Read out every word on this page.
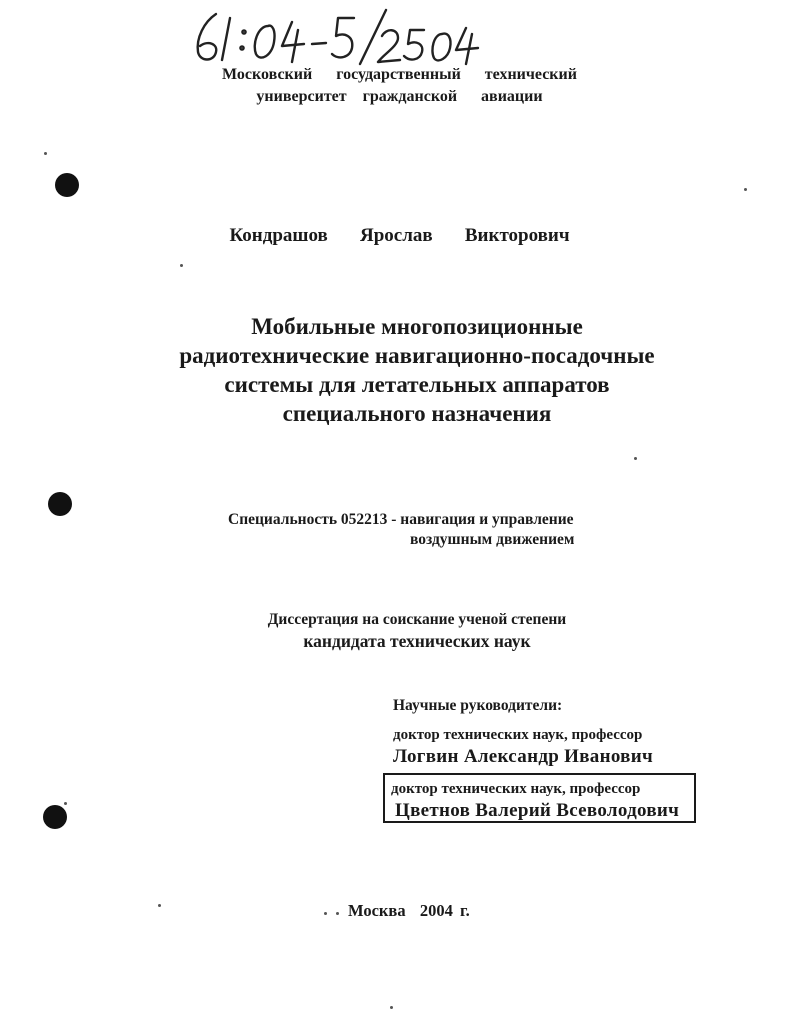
Московский   государственный   технический
университет  гражданской   авиации
Кондрашов   Ярослав   Викторович
Мобильные многопозиционные
радиотехнические навигационно-посадочные
системы для летательных аппаратов
специального назначения
Специальность 052213 - навигация и управление
воздушным движением
Диссертация на соискание ученой степени
кандидата технических наук
Научные руководители:
доктор технических наук, профессор
Логвин Александр Иванович
доктор технических наук, профессор
Цветнов Валерий Всеволодович
Москва  2004 г.
